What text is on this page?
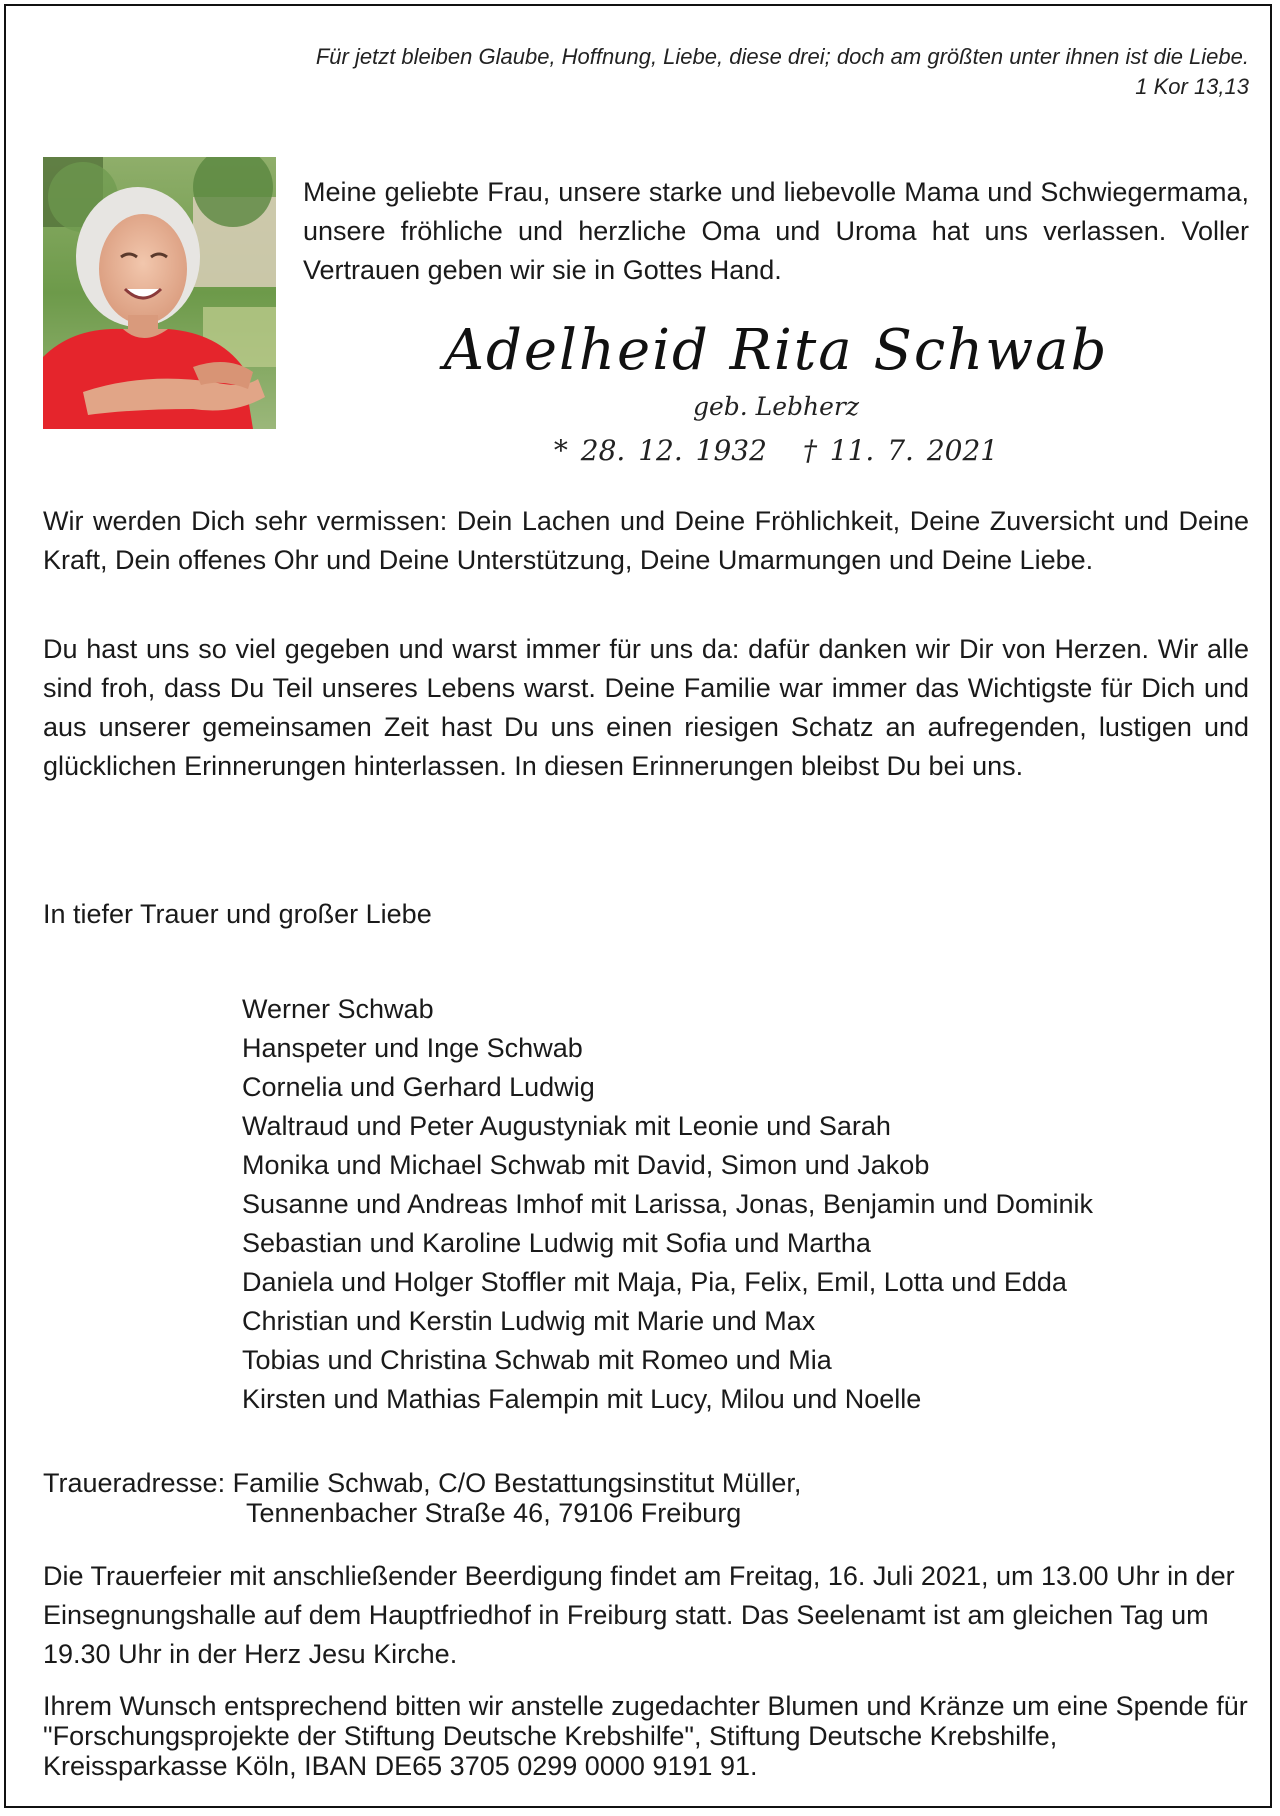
Für jetzt bleiben Glaube, Hoffnung, Liebe, diese drei; doch am größten unter ihnen ist die Liebe.
1 Kor 13,13
Meine geliebte Frau, unsere starke und liebevolle Mama und Schwiegermama, unsere fröhliche und herzliche Oma und Uroma hat uns verlassen. Voller Vertrauen geben wir sie in Gottes Hand.
Adelheid Rita Schwab
geb. Lebherz
* 28. 12. 1932 † 11. 7. 2021
Wir werden Dich sehr vermissen: Dein Lachen und Deine Fröhlichkeit, Deine Zuversicht und Deine Kraft, Dein offenes Ohr und Deine Unterstützung, Deine Umarmungen und Deine Liebe.
Du hast uns so viel gegeben und warst immer für uns da: dafür danken wir Dir von Herzen. Wir alle sind froh, dass Du Teil unseres Lebens warst. Deine Familie war immer das Wichtigste für Dich und aus unserer gemeinsamen Zeit hast Du uns einen riesigen Schatz an aufregenden, lustigen und glücklichen Erinnerungen hinterlassen. In diesen Erinnerungen bleibst Du bei uns.
In tiefer Trauer und großer Liebe
Werner Schwab
Hanspeter und Inge Schwab
Cornelia und Gerhard Ludwig
Waltraud und Peter Augustyniak mit Leonie und Sarah
Monika und Michael Schwab mit David, Simon und Jakob
Susanne und Andreas Imhof mit Larissa, Jonas, Benjamin und Dominik
Sebastian und Karoline Ludwig mit Sofia und Martha
Daniela und Holger Stoffler mit Maja, Pia, Felix, Emil, Lotta und Edda
Christian und Kerstin Ludwig mit Marie und Max
Tobias und Christina Schwab mit Romeo und Mia
Kirsten und Mathias Falempin mit Lucy, Milou und Noelle
Traueradresse: Familie Schwab, C/O Bestattungsinstitut Müller,
Tennenbacher Straße 46, 79106 Freiburg
Die Trauerfeier mit anschließender Beerdigung findet am Freitag, 16. Juli 2021, um 13.00 Uhr in der Einsegnungshalle auf dem Hauptfriedhof in Freiburg statt. Das Seelenamt ist am gleichen Tag um 19.30 Uhr in der Herz Jesu Kirche.
Ihrem Wunsch entsprechend bitten wir anstelle zugedachter Blumen und Kränze um eine Spende für "Forschungsprojekte der Stiftung Deutsche Krebshilfe", Stiftung Deutsche Krebshilfe, Kreissparkasse Köln, IBAN DE65 3705 0299 0000 9191 91.
